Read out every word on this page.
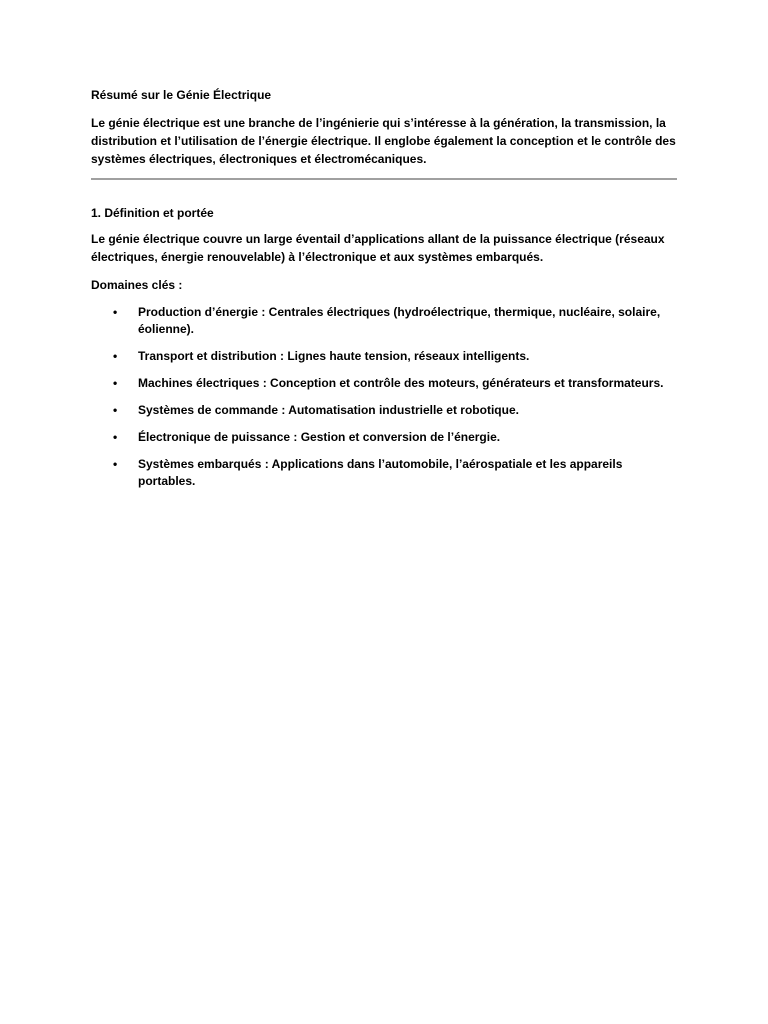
Résumé sur le Génie Électrique

Le génie électrique est une branche de l’ingénierie qui s’intéresse à la génération, la transmission, la distribution et l’utilisation de l’énergie électrique. Il englobe également la conception et le contrôle des systèmes électriques, électroniques et électromécaniques.

1. Définition et portée

Le génie électrique couvre un large éventail d’applications allant de la puissance électrique (réseaux électriques, énergie renouvelable) à l’électronique et aux systèmes embarqués.

Domaines clés :

• Production d’énergie : Centrales électriques (hydroélectrique, thermique, nucléaire, solaire, éolienne).
• Transport et distribution : Lignes haute tension, réseaux intelligents.
• Machines électriques : Conception et contrôle des moteurs, générateurs et transformateurs.
• Systèmes de commande : Automatisation industrielle et robotique.
• Électronique de puissance : Gestion et conversion de l’énergie.
• Systèmes embarqués : Applications dans l’automobile, l’aérospatiale et les appareils portables.
